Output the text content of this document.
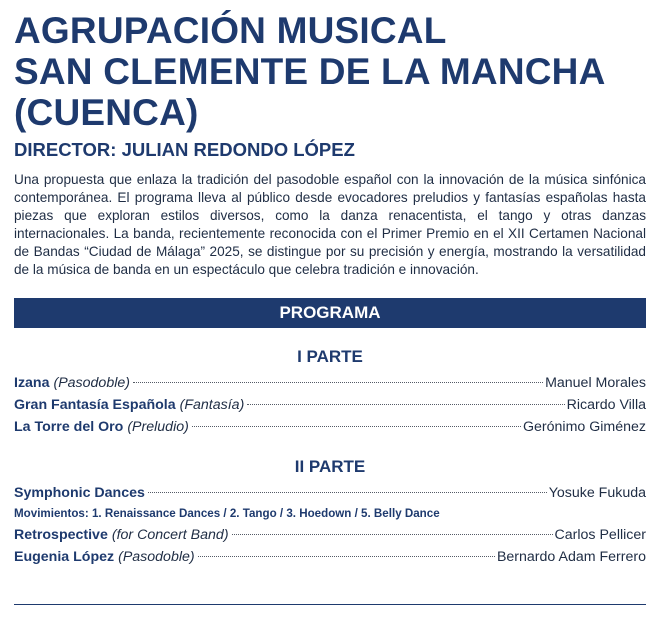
AGRUPACIÓN MUSICAL
SAN CLEMENTE DE LA MANCHA
(CUENCA)
DIRECTOR: JULIAN REDONDO LÓPEZ

Una propuesta que enlaza la tradición del pasodoble español con la innovación de la música sinfónica contemporánea. El programa lleva al público desde evocadores preludios y fantasías españolas hasta piezas que exploran estilos diversos, como la danza renacentista, el tango y otras danzas internacionales. La banda, recientemente reconocida con el Primer Premio en el XII Certamen Nacional de Bandas “Ciudad de Málaga” 2025, se distingue por su precisión y energía, mostrando la versatilidad de la música de banda en un espectáculo que celebra tradición e innovación.

PROGRAMA
I PARTE
Izana (Pasodoble)	Manuel Morales
Gran Fantasía Española (Fantasía)	Ricardo Villa
La Torre del Oro (Preludio)	Gerónimo Giménez
II PARTE
Symphonic Dances	Yosuke Fukuda
Movimientos: 1. Renaissance Dances / 2. Tango / 3. Hoedown / 5. Belly Dance
Retrospective (for Concert Band)	Carlos Pellicer
Eugenia López (Pasodoble)	Bernardo Adam Ferrero
